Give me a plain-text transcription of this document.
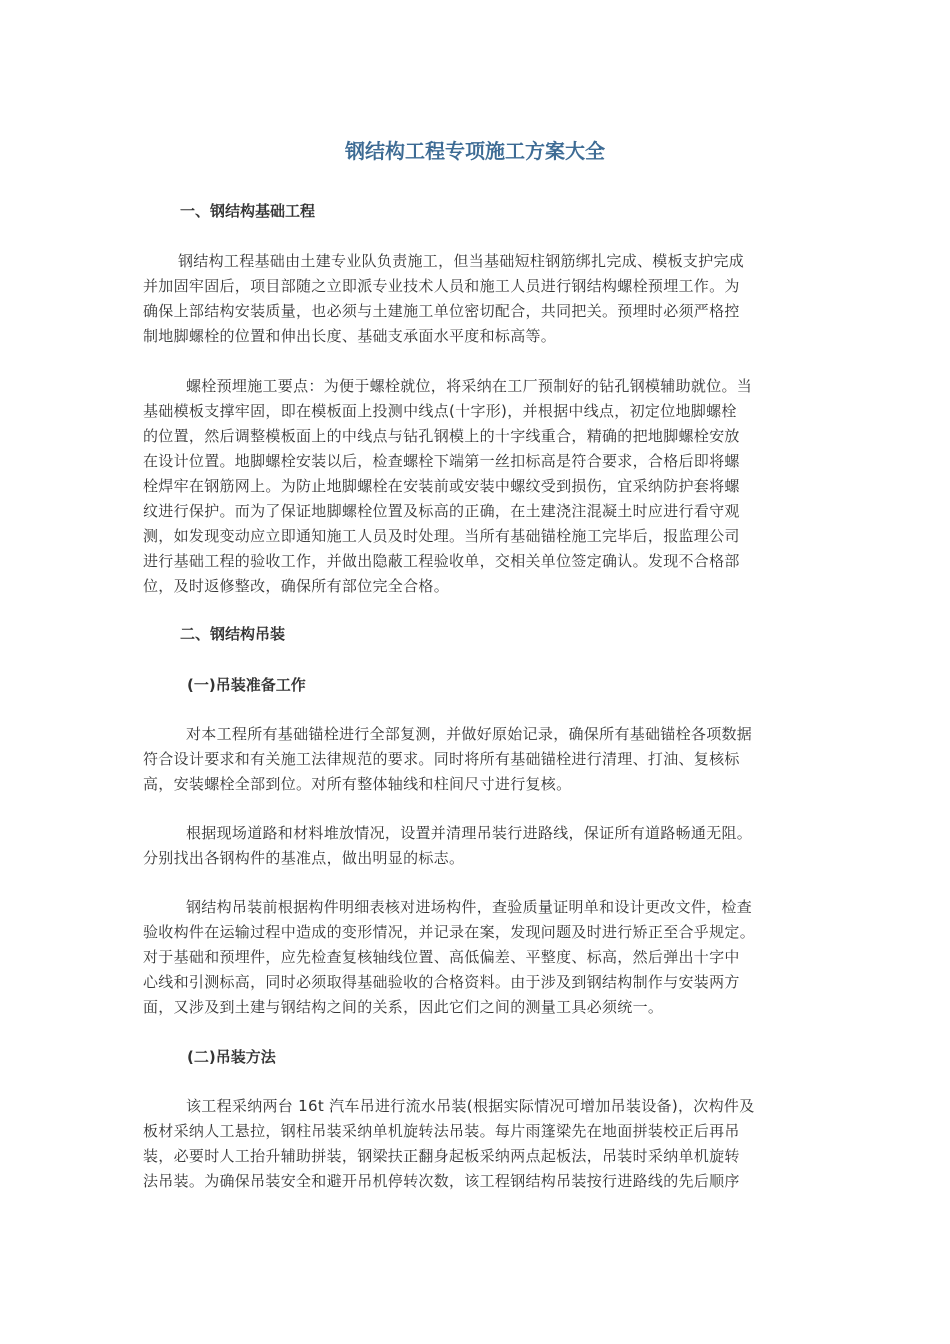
钢结构工程专项施工方案大全
一、钢结构基础工程
钢结构工程基础由土建专业队负责施工，但当基础短柱钢筋绑扎完成、模板支护完成
并加固牢固后，项目部随之立即派专业技术人员和施工人员进行钢结构螺栓预埋工作。为
确保上部结构安装质量，也必须与土建施工单位密切配合，共同把关。预埋时必须严格控
制地脚螺栓的位置和伸出长度、基础支承面水平度和标高等。
螺栓预埋施工要点：为便于螺栓就位，将采纳在工厂预制好的钻孔钢模辅助就位。当
基础模板支撑牢固，即在模板面上投测中线点(十字形)，并根据中线点，初定位地脚螺栓
的位置，然后调整模板面上的中线点与钻孔钢模上的十字线重合，精确的把地脚螺栓安放
在设计位置。地脚螺栓安装以后，检查螺栓下端第一丝扣标高是符合要求，合格后即将螺
栓焊牢在钢筋网上。为防止地脚螺栓在安装前或安装中螺纹受到损伤，宜采纳防护套将螺
纹进行保护。而为了保证地脚螺栓位置及标高的正确，在土建浇注混凝土时应进行看守观
测，如发现变动应立即通知施工人员及时处理。当所有基础锚栓施工完毕后，报监理公司
进行基础工程的验收工作，并做出隐蔽工程验收单，交相关单位签定确认。发现不合格部
位，及时返修整改，确保所有部位完全合格。
二、钢结构吊装
(一)吊装准备工作
对本工程所有基础锚栓进行全部复测，并做好原始记录，确保所有基础锚栓各项数据
符合设计要求和有关施工法律规范的要求。同时将所有基础锚栓进行清理、打油、复核标
高，安装螺栓全部到位。对所有整体轴线和柱间尺寸进行复核。
根据现场道路和材料堆放情况，设置并清理吊装行进路线，保证所有道路畅通无阻。
分别找出各钢构件的基准点，做出明显的标志。
钢结构吊装前根据构件明细表核对进场构件，查验质量证明单和设计更改文件，检查
验收构件在运输过程中造成的变形情况，并记录在案，发现问题及时进行矫正至合乎规定。
对于基础和预埋件，应先检查复核轴线位置、高低偏差、平整度、标高，然后弹出十字中
心线和引测标高，同时必须取得基础验收的合格资料。由于涉及到钢结构制作与安装两方
面，又涉及到土建与钢结构之间的关系，因此它们之间的测量工具必须统一。
(二)吊装方法
该工程采纳两台 16t 汽车吊进行流水吊装(根据实际情况可增加吊装设备)，次构件及
板材采纳人工悬拉，钢柱吊装采纳单机旋转法吊装。每片雨篷梁先在地面拼装校正后再吊
装，必要时人工抬升辅助拼装，钢梁扶正翻身起板采纳两点起板法，吊装时采纳单机旋转
法吊装。为确保吊装安全和避开吊机停转次数，该工程钢结构吊装按行进路线的先后顺序
